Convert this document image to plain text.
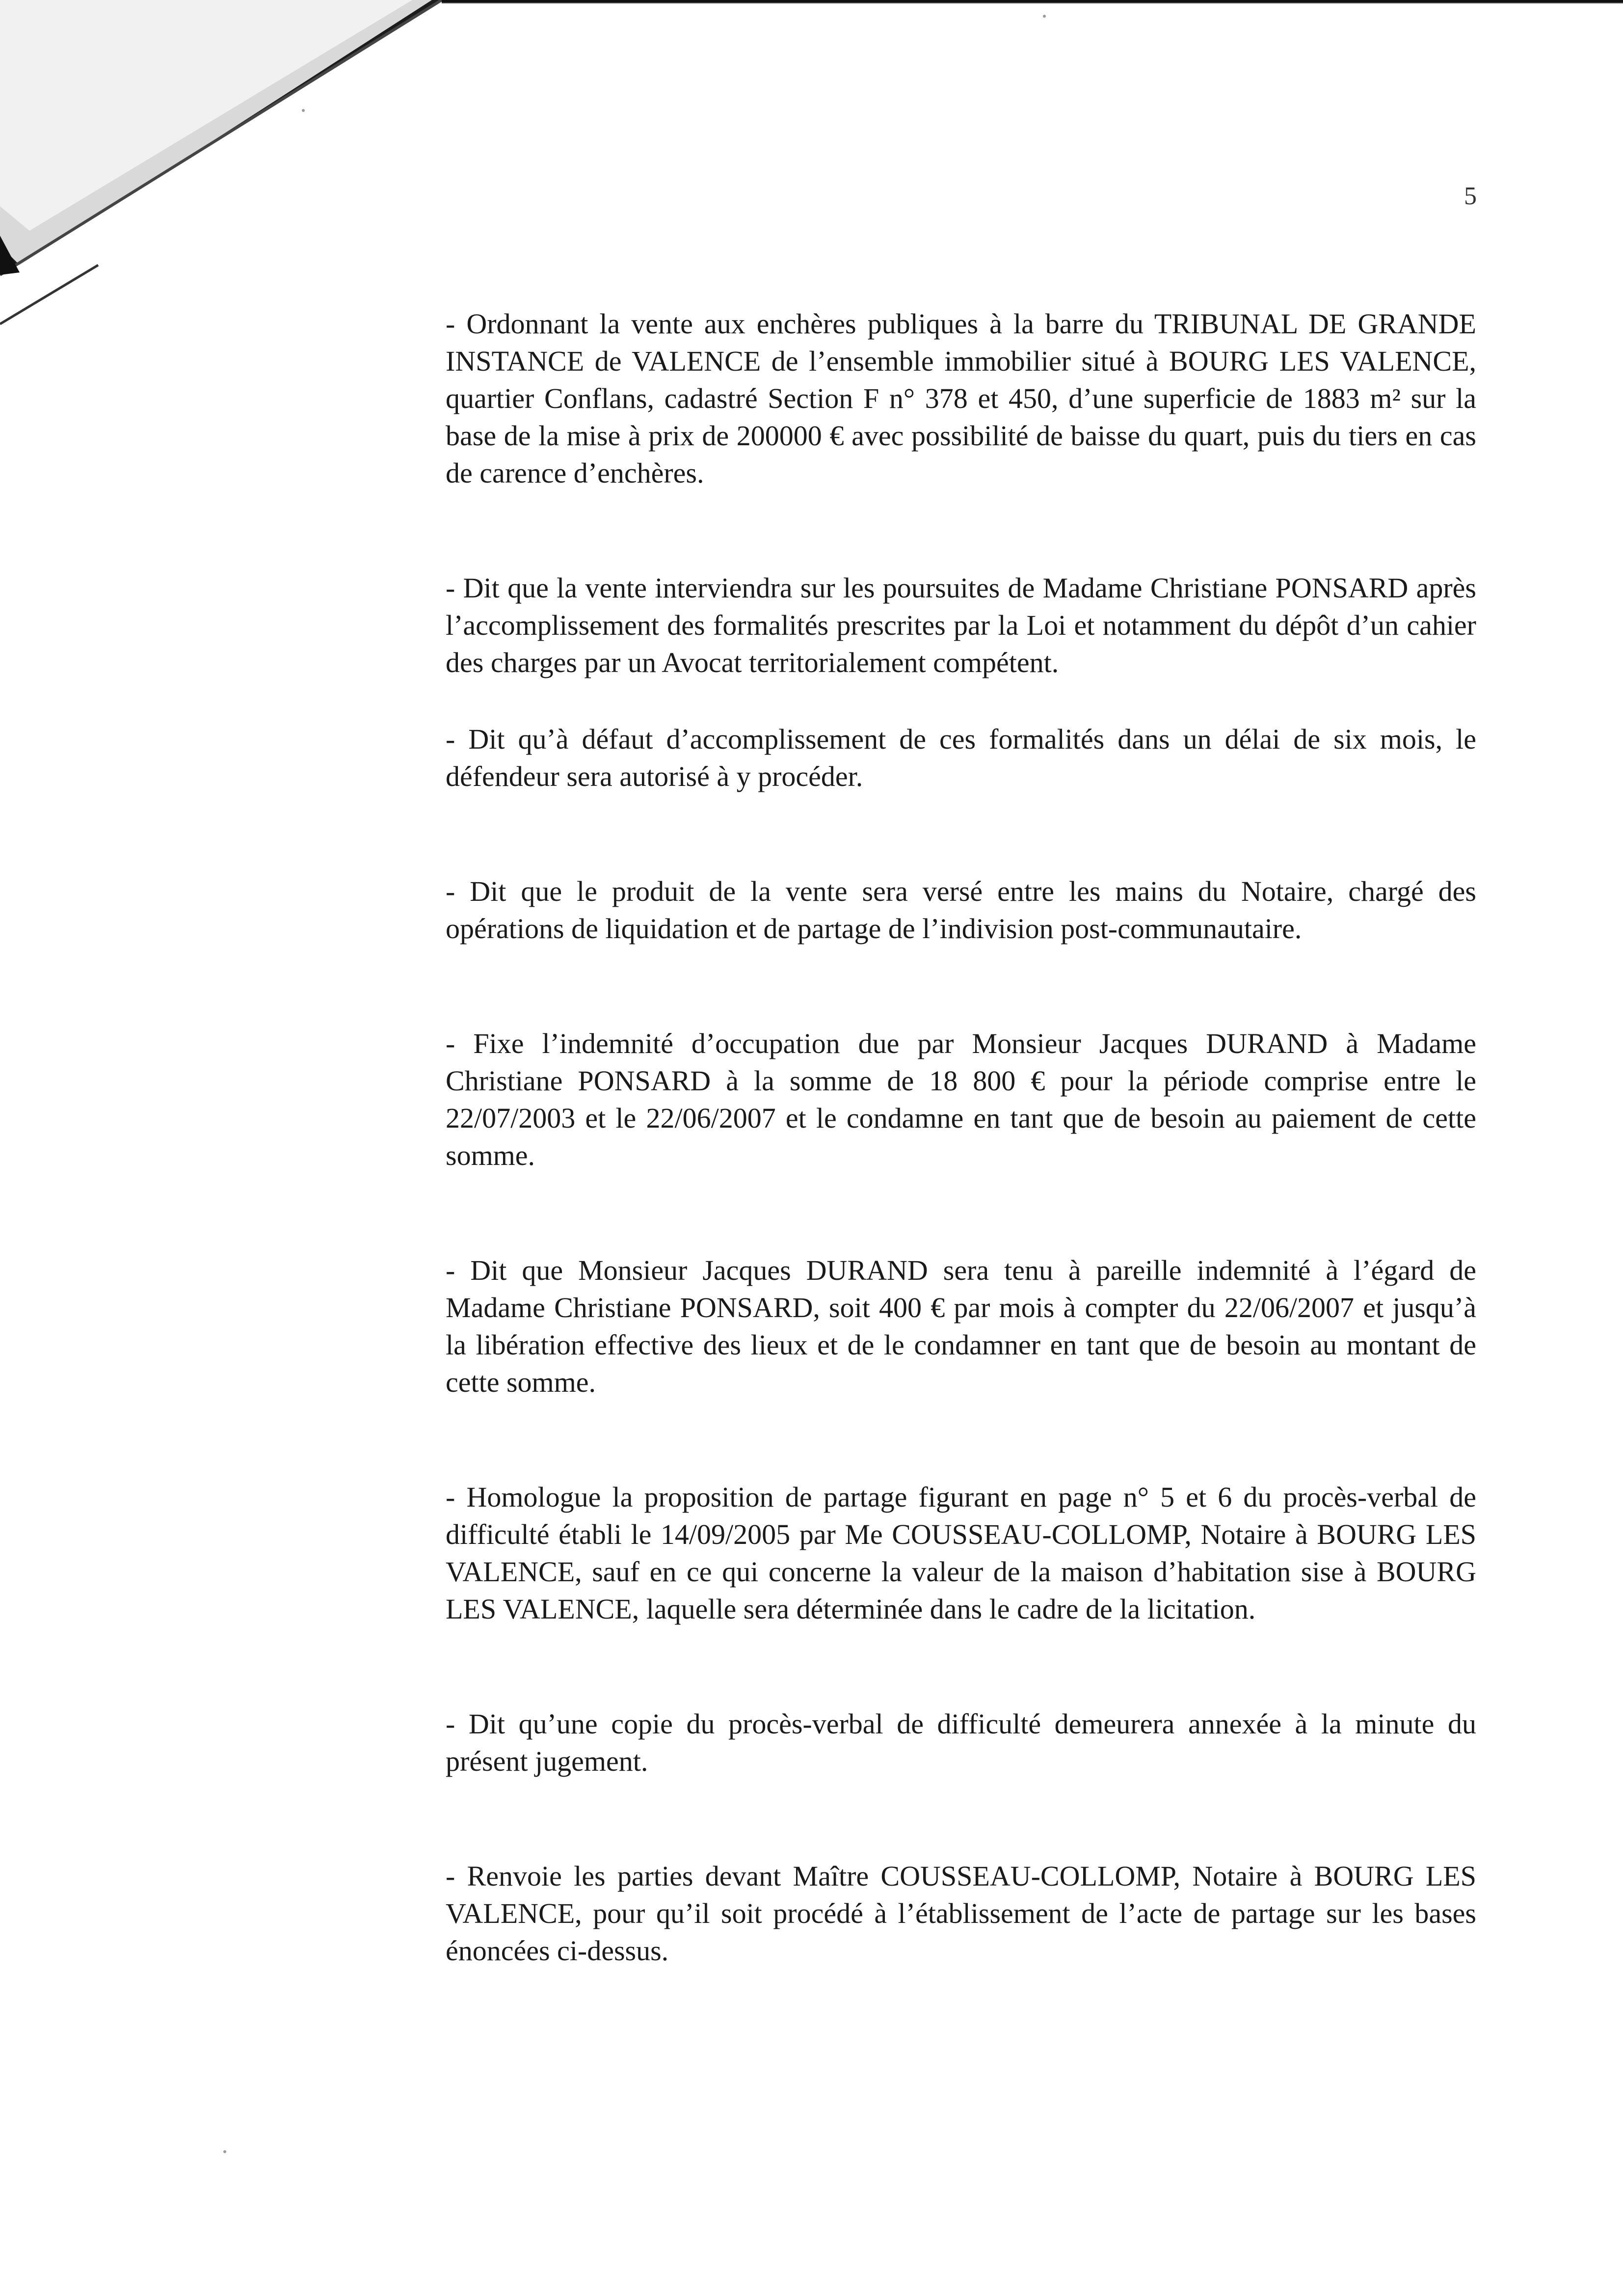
5

- Ordonnant la vente aux enchères publiques à la barre du TRIBUNAL DE GRANDE INSTANCE de VALENCE de l’ensemble immobilier situé à BOURG LES VALENCE, quartier Conflans, cadastré Section F n° 378 et 450, d’une superficie de 1883 m² sur la base de la mise à prix de 200000 € avec possibilité de baisse du quart, puis du tiers en cas de carence d’enchères.

- Dit que la vente interviendra sur les poursuites de Madame Christiane PONSARD après l’accomplissement des formalités prescrites par la Loi et notamment du dépôt d’un cahier des charges par un Avocat territorialement compétent.

- Dit qu’à défaut d’accomplissement de ces formalités dans un délai de six mois, le défendeur sera autorisé à y procéder.

- Dit que le produit de la vente sera versé entre les mains du Notaire, chargé des opérations de liquidation et de partage de l’indivision post-communautaire.

- Fixe l’indemnité d’occupation due par Monsieur Jacques DURAND à Madame Christiane PONSARD à la somme de 18 800 € pour la période comprise entre le 22/07/2003 et le 22/06/2007 et le condamne en tant que de besoin au paiement de cette somme.

- Dit que Monsieur Jacques DURAND sera tenu à pareille indemnité à l’égard de Madame Christiane PONSARD, soit 400 € par mois à compter du 22/06/2007 et jusqu’à la libération effective des lieux et de le condamner en tant que de besoin au montant de cette somme.

- Homologue la proposition de partage figurant en page n° 5 et 6 du procès-verbal de difficulté établi le 14/09/2005 par Me COUSSEAU-COLLOMP, Notaire à BOURG LES VALENCE, sauf en ce qui concerne la valeur de la maison d’habitation sise à BOURG LES VALENCE, laquelle sera déterminée dans le cadre de la licitation.

- Dit qu’une copie du procès-verbal de difficulté demeurera annexée à la minute du présent jugement.

- Renvoie les parties devant Maître COUSSEAU-COLLOMP, Notaire à BOURG LES VALENCE, pour qu’il soit procédé à l’établissement de l’acte de partage sur les bases énoncées ci-dessus.
